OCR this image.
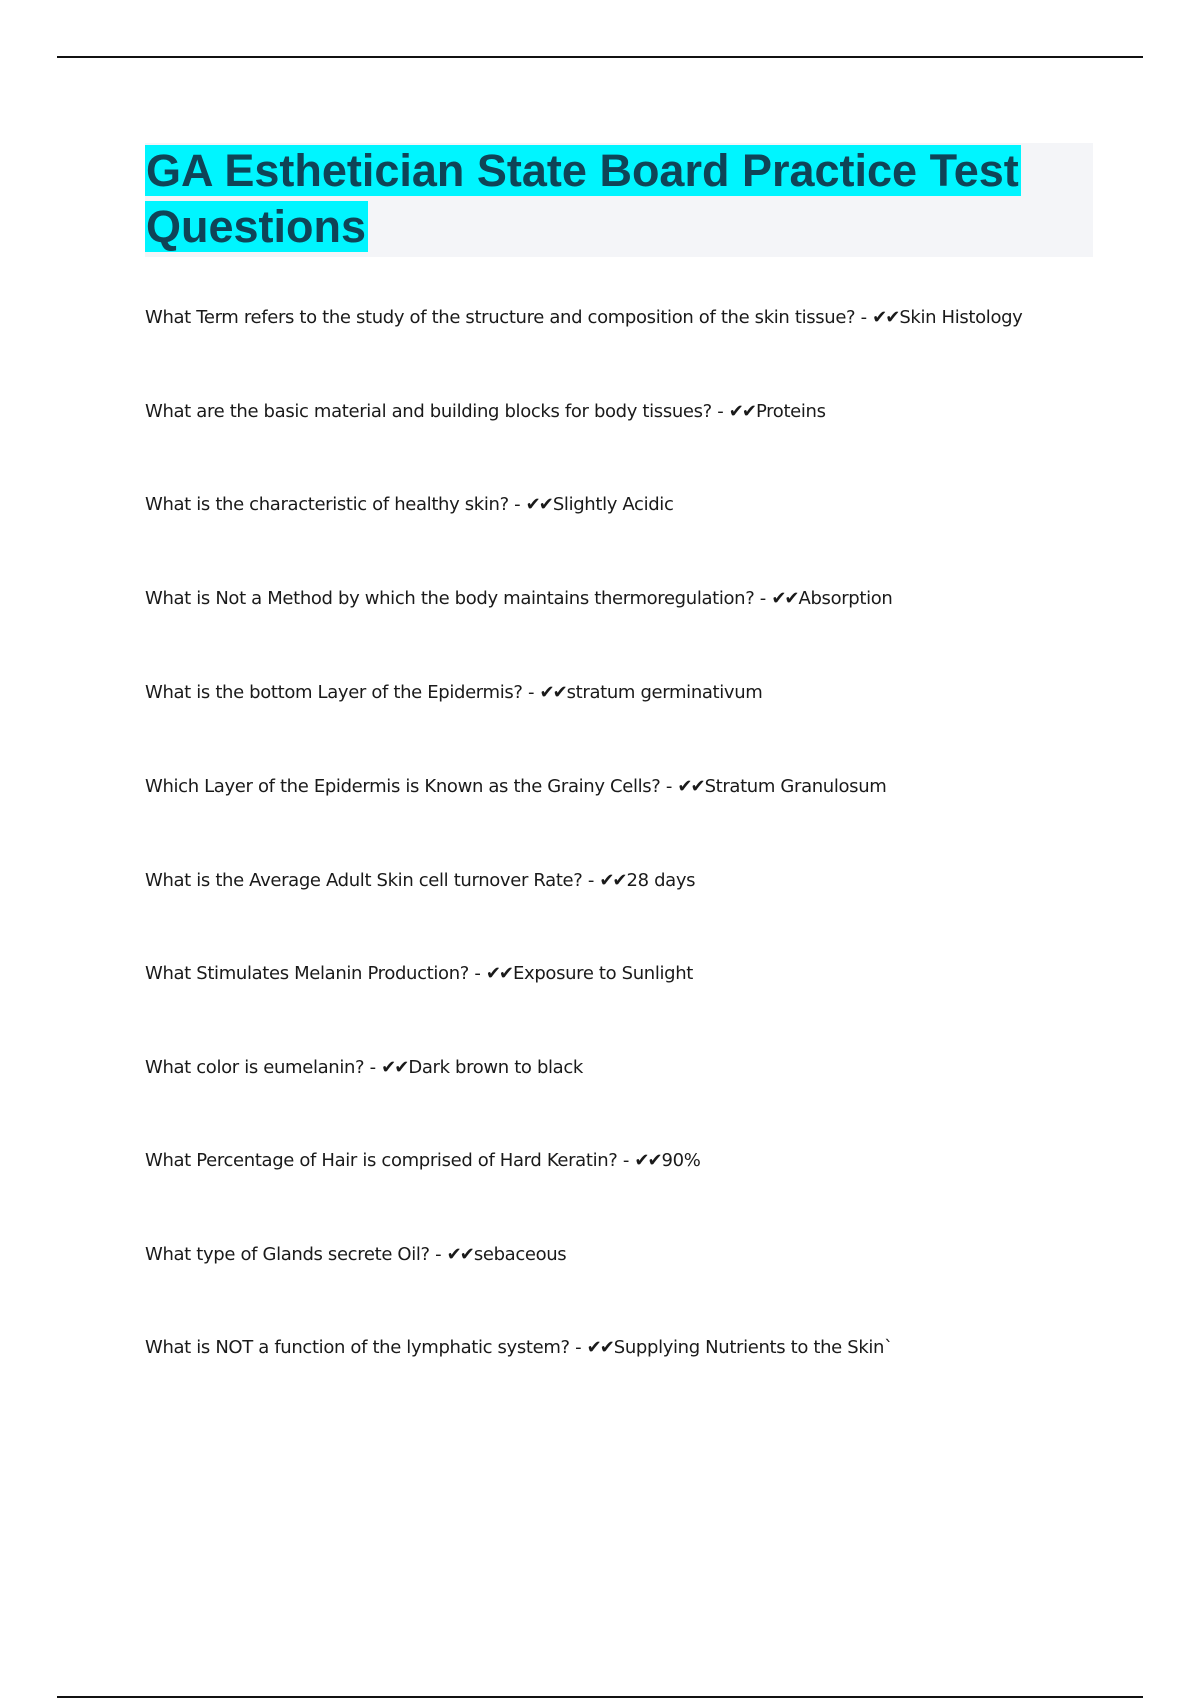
GA Esthetician State Board Practice Test Questions
What Term refers to the study of the structure and composition of the skin tissue? - ✔✔Skin Histology
What are the basic material and building blocks for body tissues? - ✔✔Proteins
What is the characteristic of healthy skin? - ✔✔Slightly Acidic
What is Not a Method by which the body maintains thermoregulation? - ✔✔Absorption
What is the bottom Layer of the Epidermis? - ✔✔stratum germinativum
Which Layer of the Epidermis is Known as the Grainy Cells? - ✔✔Stratum Granulosum
What is the Average Adult Skin cell turnover Rate? - ✔✔28 days
What Stimulates Melanin Production? - ✔✔Exposure to Sunlight
What color is eumelanin? - ✔✔Dark brown to black
What Percentage of Hair is comprised of Hard Keratin? - ✔✔90%
What type of Glands secrete Oil? - ✔✔sebaceous
What is NOT a function of the lymphatic system? - ✔✔Supplying Nutrients to the Skin`
